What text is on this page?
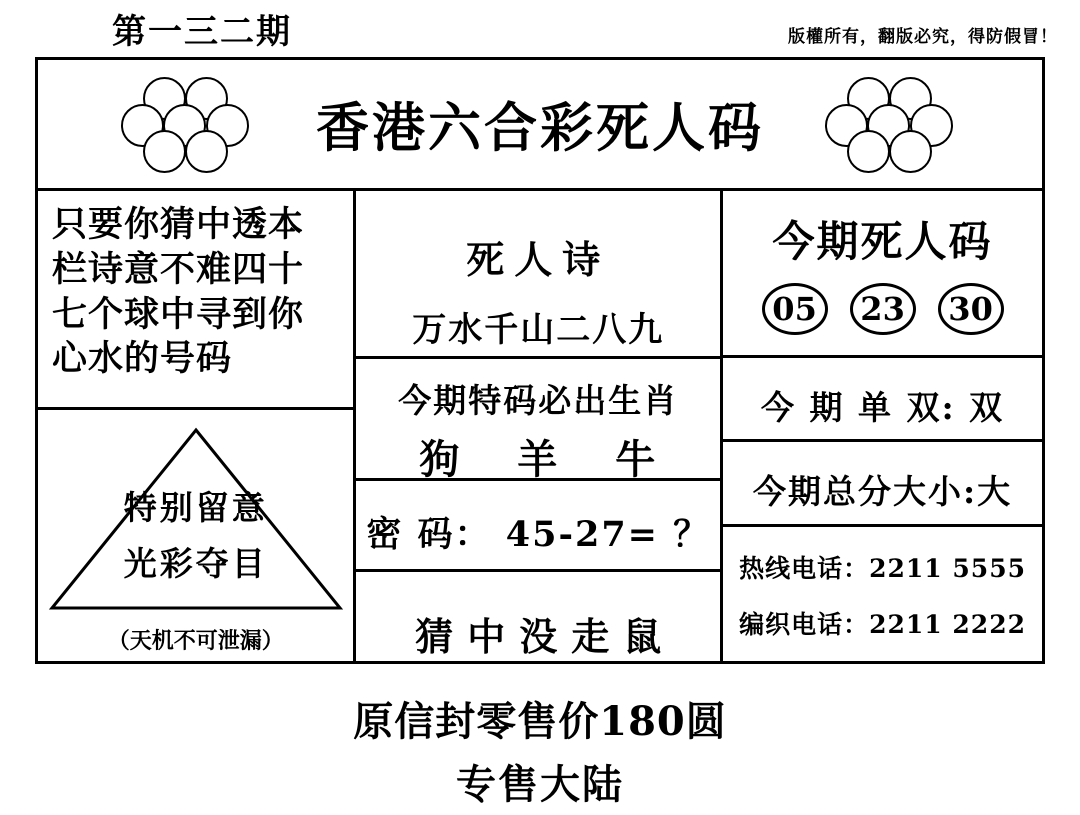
第一三二期	版權所有，翻版必究，得防假冒！
香港六合彩死人码
只要你猜中透本
栏诗意不难四十
七个球中寻到你
心水的号码
特别留意
光彩夺目
（天机不可泄漏）
死人诗
万水千山二八九
今期特码必出生肖
狗 羊 牛
密 码： 45-27= ？
猜中没走鼠
今期死人码
05	23	30
今 期 单 双: 双
今期总分大小:大
热线电话：2211 5555
编织电话：2211 2222
原信封零售价180圆
专售大陆
